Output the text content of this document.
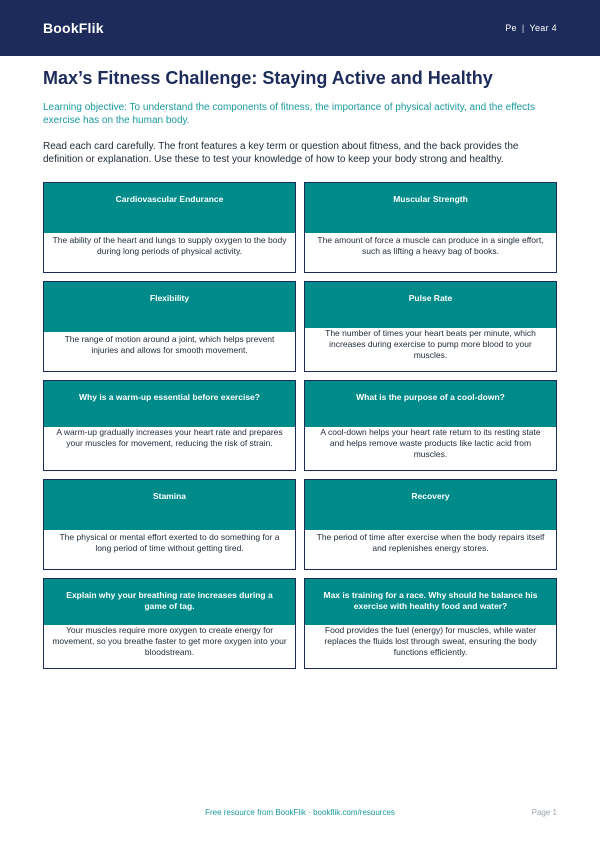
BookFlik	Pe | Year 4
Max’s Fitness Challenge: Staying Active and Healthy

Learning objective: To understand the components of fitness, the importance of physical activity, and the effects exercise has on the human body.

Read each card carefully. The front features a key term or question about fitness, and the back provides the definition or explanation. Use these to test your knowledge of how to keep your body strong and healthy.

Cardiovascular Endurance
The ability of the heart and lungs to supply oxygen to the body during long periods of physical activity.
Muscular Strength
The amount of force a muscle can produce in a single effort, such as lifting a heavy bag of books.
Flexibility
The range of motion around a joint, which helps prevent injuries and allows for smooth movement.
Pulse Rate
The number of times your heart beats per minute, which increases during exercise to pump more blood to your muscles.
Why is a warm-up essential before exercise?
A warm-up gradually increases your heart rate and prepares your muscles for movement, reducing the risk of strain.
What is the purpose of a cool-down?
A cool-down helps your heart rate return to its resting state and helps remove waste products like lactic acid from muscles.
Stamina
The physical or mental effort exerted to do something for a long period of time without getting tired.
Recovery
The period of time after exercise when the body repairs itself and replenishes energy stores.
Explain why your breathing rate increases during a game of tag.
Your muscles require more oxygen to create energy for movement, so you breathe faster to get more oxygen into your bloodstream.
Max is training for a race. Why should he balance his exercise with healthy food and water?
Food provides the fuel (energy) for muscles, while water replaces the fluids lost through sweat, ensuring the body functions efficiently.
Free resource from BookFlik · bookflik.com/resources	Page 1
